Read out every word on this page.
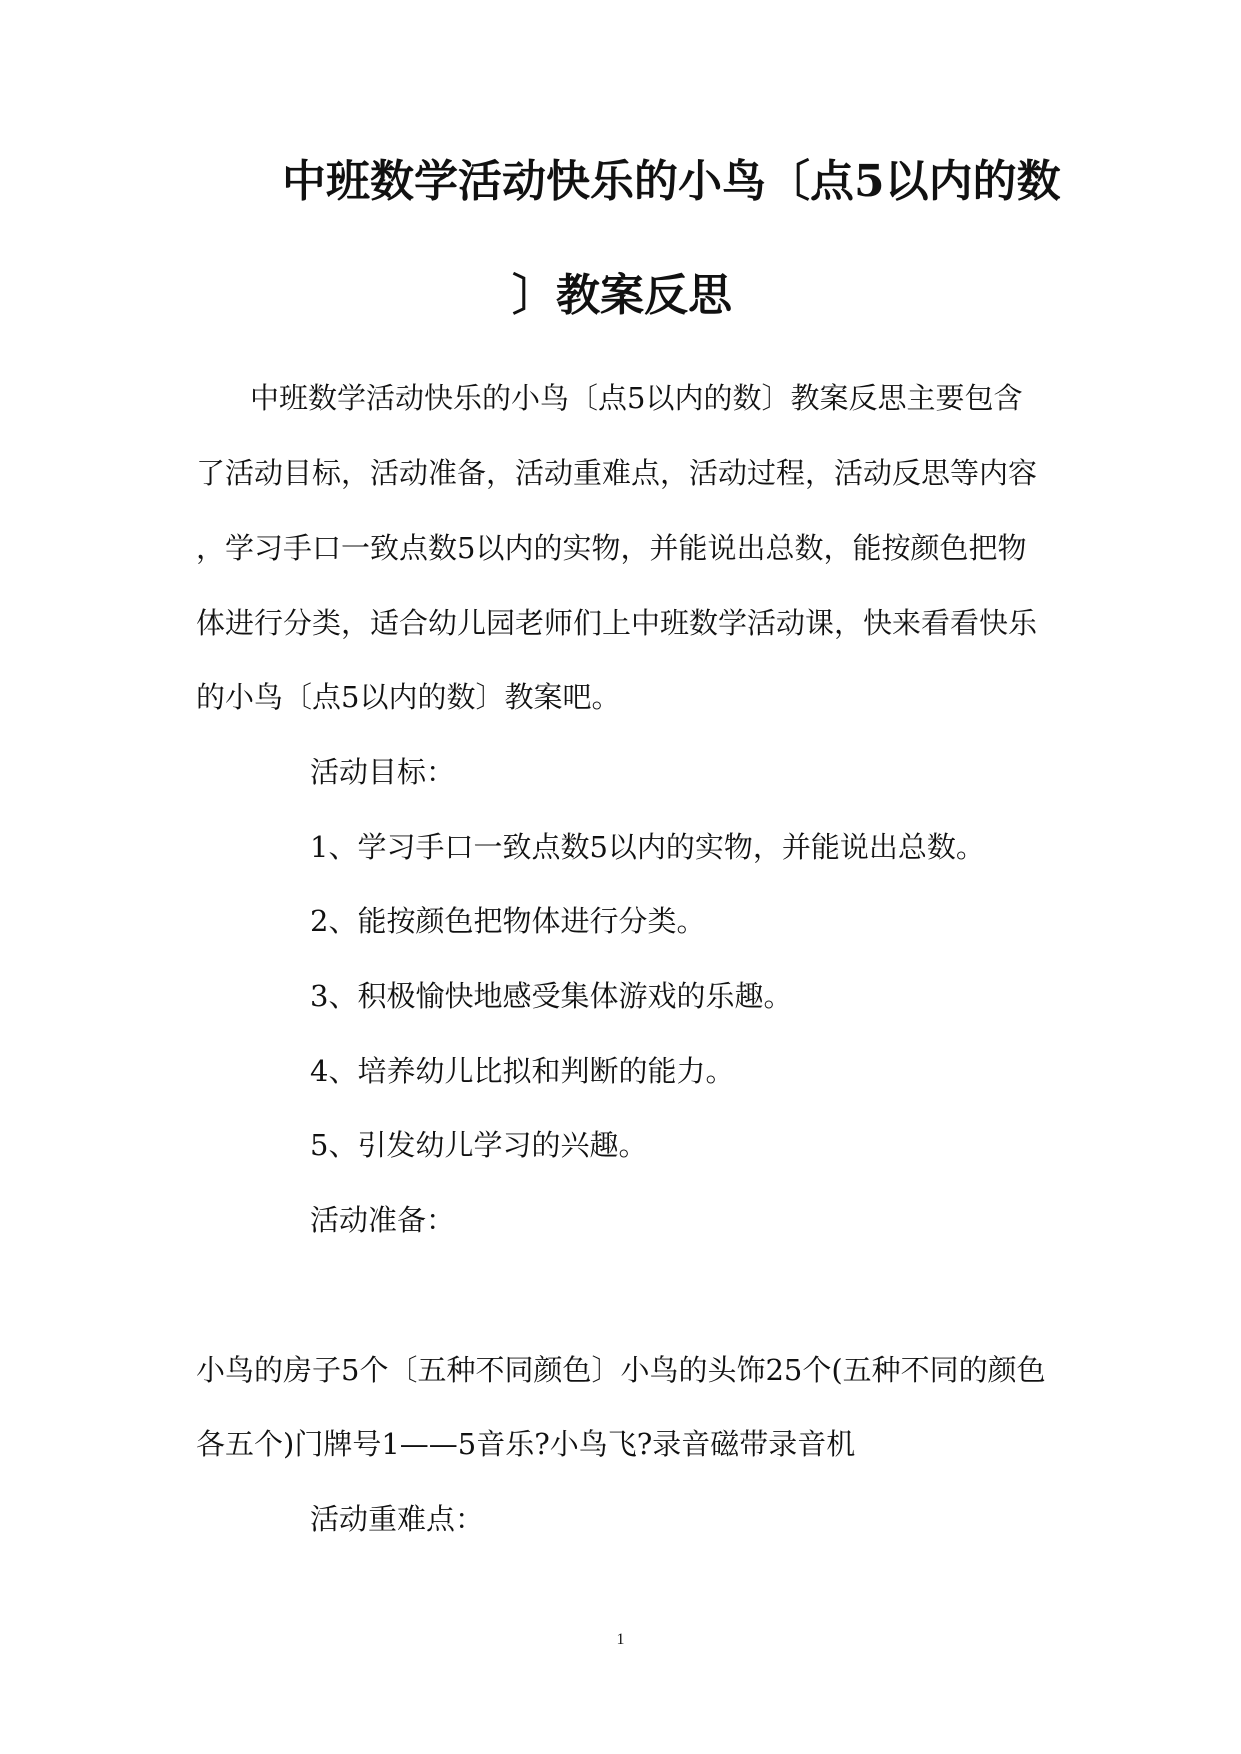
中班数学活动快乐的小鸟〔点5以内的数
〕教案反思
中班数学活动快乐的小鸟〔点5以内的数〕教案反思主要包含
了活动目标，活动准备，活动重难点，活动过程，活动反思等内容
，学习手口一致点数5以内的实物，并能说出总数，能按颜色把物
体进行分类，适合幼儿园老师们上中班数学活动课，快来看看快乐
的小鸟〔点5以内的数〕教案吧。
活动目标：
1、学习手口一致点数5以内的实物，并能说出总数。
2、能按颜色把物体进行分类。
3、积极愉快地感受集体游戏的乐趣。
4、培养幼儿比拟和判断的能力。
5、引发幼儿学习的兴趣。
活动准备：
小鸟的房子5个〔五种不同颜色〕小鸟的头饰25个(五种不同的颜色
各五个)门牌号1——5音乐?小鸟飞?录音磁带录音机
活动重难点：
1
